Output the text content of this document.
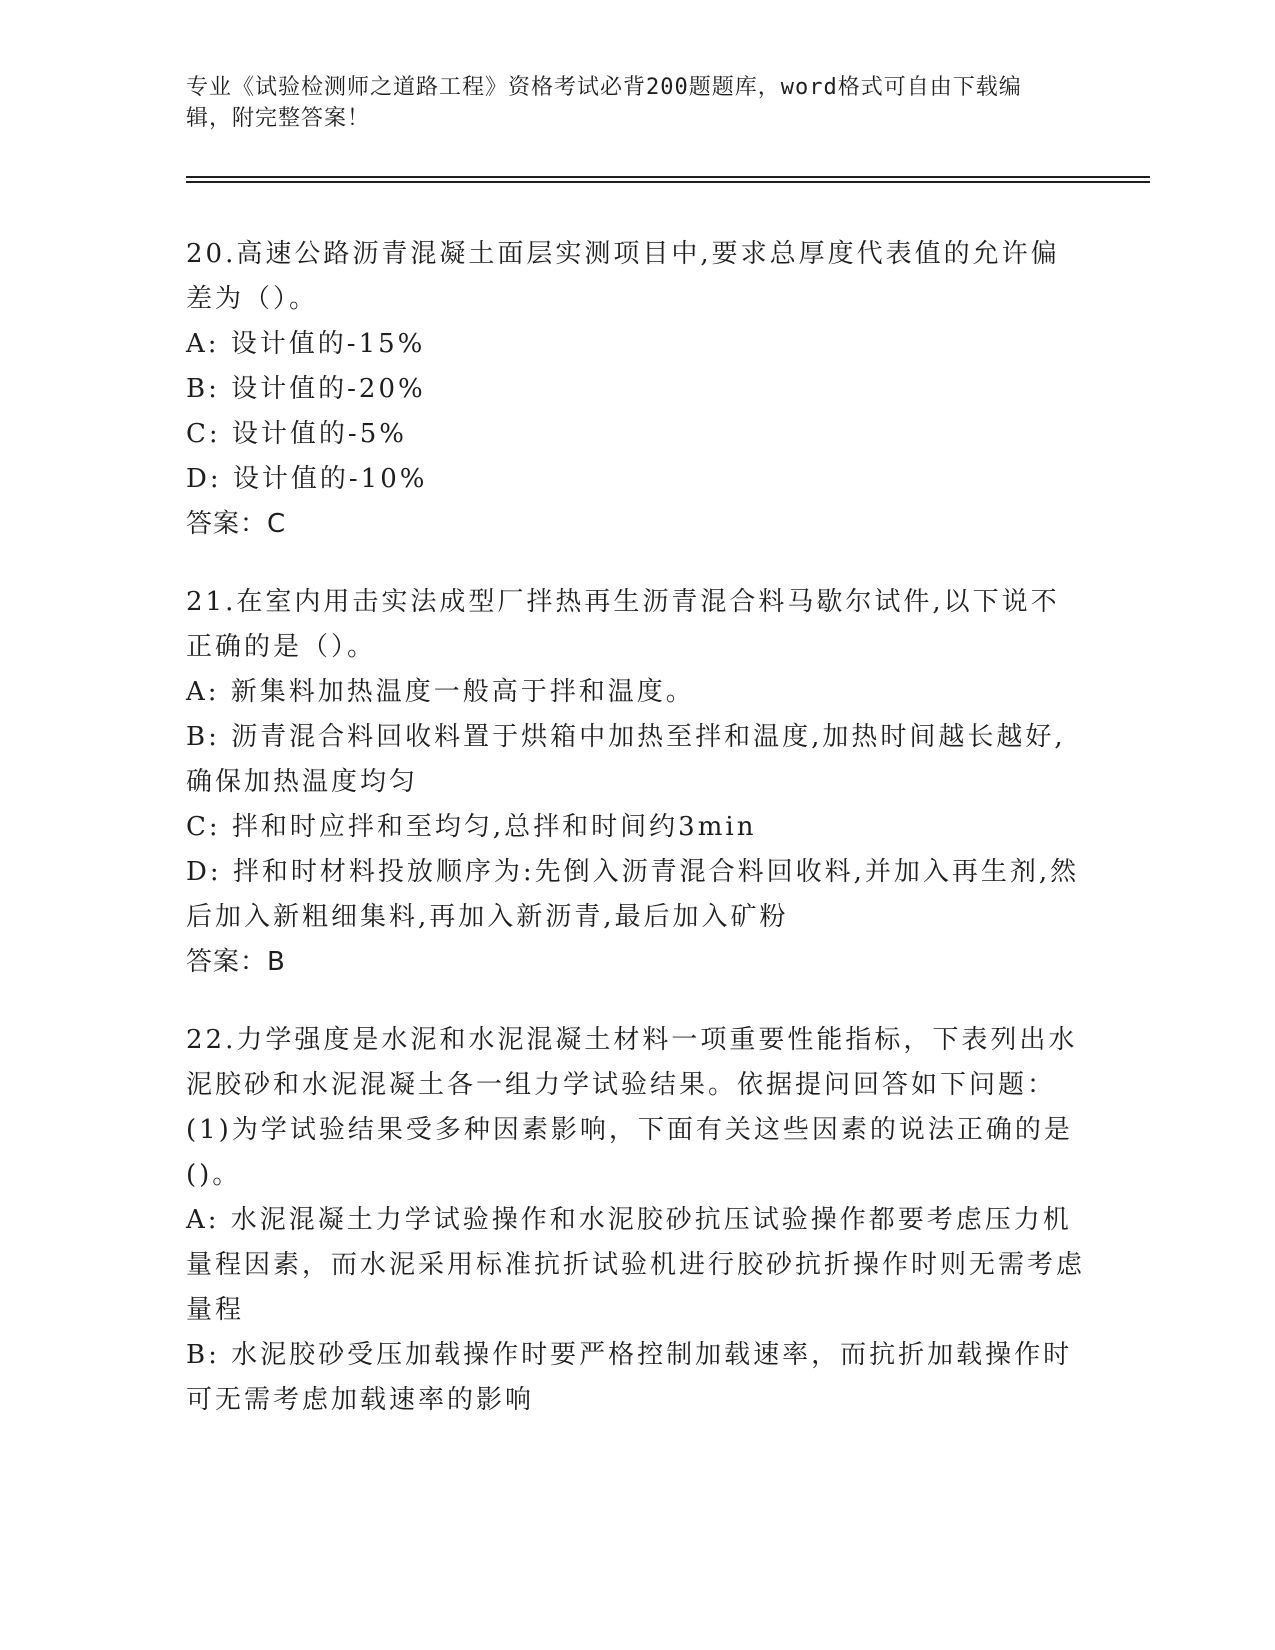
专业《试验检测师之道路工程》资格考试必背200题题库，word格式可自由下载编辑，附完整答案！

20.高速公路沥青混凝土面层实测项目中,要求总厚度代表值的允许偏差为（）。

A: 设计值的-15%

B: 设计值的-20%

C: 设计值的-5%

D: 设计值的-10%

答案：C

21.在室内用击实法成型厂拌热再生沥青混合料马歇尔试件,以下说不正确的是（）。

A: 新集料加热温度一般高于拌和温度。

B: 沥青混合料回收料置于烘箱中加热至拌和温度,加热时间越长越好,确保加热温度均匀

C: 拌和时应拌和至均匀,总拌和时间约3min

D: 拌和时材料投放顺序为:先倒入沥青混合料回收料,并加入再生剂,然后加入新粗细集料,再加入新沥青,最后加入矿粉

答案：B

22.力学强度是水泥和水泥混凝土材料一项重要性能指标，下表列出水泥胶砂和水泥混凝土各一组力学试验结果。依据提问回答如下问题：(1)为学试验结果受多种因素影响，下面有关这些因素的说法正确的是()。

A: 水泥混凝土力学试验操作和水泥胶砂抗压试验操作都要考虑压力机量程因素，而水泥采用标准抗折试验机进行胶砂抗折操作时则无需考虑量程

B: 水泥胶砂受压加载操作时要严格控制加载速率，而抗折加载操作时可无需考虑加载速率的影响
